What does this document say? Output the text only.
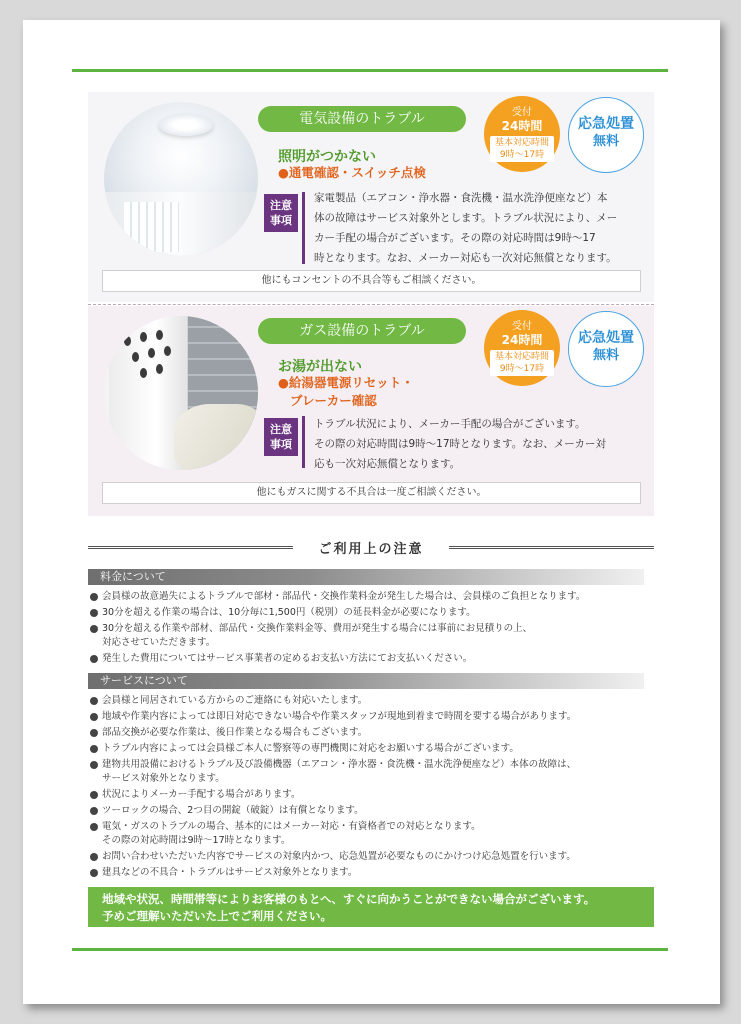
電気設備のトラブル	受付
24時間
基本対応時間
9時〜17時
応急処置
無料
照明がつかない
●通電確認・スイッチ点検
注意
事項
家電製品（エアコン・浄水器・食洗機・温水洗浄便座など）本
体の故障はサービス対象外とします。トラブル状況により、メー
カー手配の場合がございます。その際の対応時間は9時〜17
時となります。なお、メーカー対応も一次対応無償となります。
他にもコンセントの不具合等もご相談ください。
ガス設備のトラブル	受付
24時間
基本対応時間
9時〜17時
応急処置
無料
お湯が出ない
●給湯器電源リセット・
ブレーカー確認
注意
事項
トラブル状況により、メーカー手配の場合がございます。
その際の対応時間は9時〜17時となります。なお、メーカー対
応も一次対応無償となります。
他にもガスに関する不具合は一度ご相談ください。
ご利用上の注意
料金について
会員様の故意過失によるトラブルで部材・部品代・交換作業料金が発生した場合は、会員様のご負担となります。
30分を超える作業の場合は、10分毎に1,500円（税別）の延長料金が必要になります。
30分を超える作業や部材、部品代・交換作業料金等、費用が発生する場合には事前にお見積りの上、
対応させていただきます。
発生した費用についてはサービス事業者の定めるお支払い方法にてお支払いください。
サービスについて
会員様と同居されている方からのご連絡にも対応いたします。
地域や作業内容によっては即日対応できない場合や作業スタッフが現地到着まで時間を要する場合があります。
部品交換が必要な作業は、後日作業となる場合もございます。
トラブル内容によっては会員様ご本人に警察等の専門機関に対応をお願いする場合がございます。
建物共用設備におけるトラブル及び設備機器（エアコン・浄水器・食洗機・温水洗浄便座など）本体の故障は、
サービス対象外となります。
状況によりメーカー手配する場合があります。
ツーロックの場合、2つ目の開錠（破錠）は有償となります。
電気・ガスのトラブルの場合、基本的にはメーカー対応・有資格者での対応となります。
その際の対応時間は9時〜17時となります。
お問い合わせいただいた内容でサービスの対象内かつ、応急処置が必要なものにかけつけ応急処置を行います。
建具などの不具合・トラブルはサービス対象外となります。
地域や状況、時間帯等によりお客様のもとへ、すぐに向かうことができない場合がございます。
予めご理解いただいた上でご利用ください。
